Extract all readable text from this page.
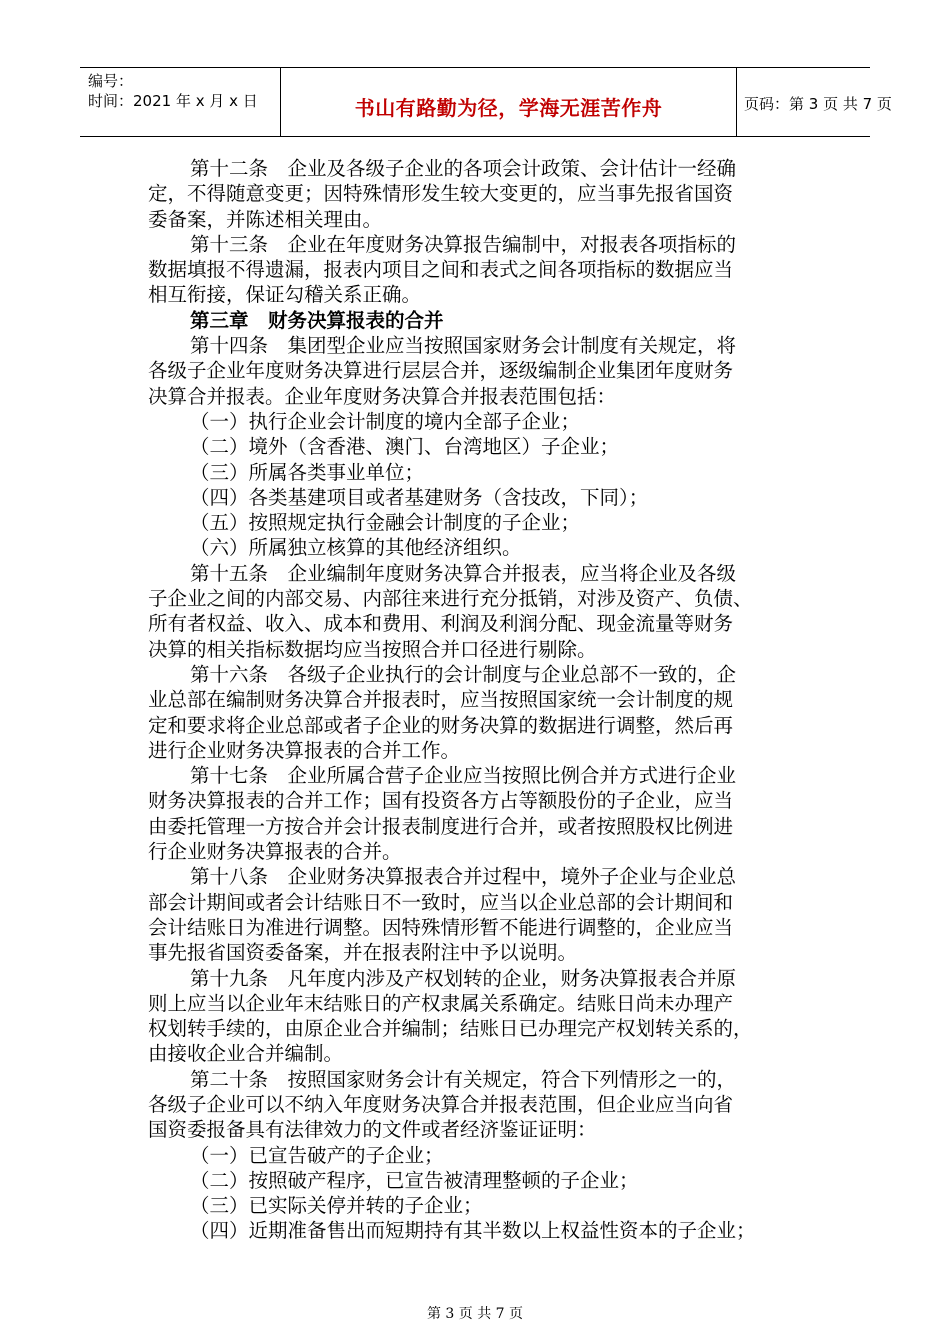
编号：
时间：2021 年 x 月 x 日	书山有路勤为径，学海无涯苦作舟	页码：第 3 页 共 7 页
第十二条　企业及各级子企业的各项会计政策、会计估计一经确
定，不得随意变更；因特殊情形发生较大变更的，应当事先报省国资
委备案，并陈述相关理由。
第十三条　企业在年度财务决算报告编制中，对报表各项指标的
数据填报不得遗漏，报表内项目之间和表式之间各项指标的数据应当
相互衔接，保证勾稽关系正确。
第三章　财务决算报表的合并
第十四条　集团型企业应当按照国家财务会计制度有关规定，将
各级子企业年度财务决算进行层层合并，逐级编制企业集团年度财务
决算合并报表。企业年度财务决算合并报表范围包括：
（一）执行企业会计制度的境内全部子企业；
（二）境外（含香港、澳门、台湾地区）子企业；
（三）所属各类事业单位；
（四）各类基建项目或者基建财务（含技改，下同）；
（五）按照规定执行金融会计制度的子企业；
（六）所属独立核算的其他经济组织。
第十五条　企业编制年度财务决算合并报表，应当将企业及各级
子企业之间的内部交易、内部往来进行充分抵销，对涉及资产、负债、
所有者权益、收入、成本和费用、利润及利润分配、现金流量等财务
决算的相关指标数据均应当按照合并口径进行剔除。
第十六条　各级子企业执行的会计制度与企业总部不一致的，企
业总部在编制财务决算合并报表时，应当按照国家统一会计制度的规
定和要求将企业总部或者子企业的财务决算的数据进行调整，然后再
进行企业财务决算报表的合并工作。
第十七条　企业所属合营子企业应当按照比例合并方式进行企业
财务决算报表的合并工作；国有投资各方占等额股份的子企业，应当
由委托管理一方按合并会计报表制度进行合并，或者按照股权比例进
行企业财务决算报表的合并。
第十八条　企业财务决算报表合并过程中，境外子企业与企业总
部会计期间或者会计结账日不一致时，应当以企业总部的会计期间和
会计结账日为准进行调整。因特殊情形暂不能进行调整的，企业应当
事先报省国资委备案，并在报表附注中予以说明。
第十九条　凡年度内涉及产权划转的企业，财务决算报表合并原
则上应当以企业年末结账日的产权隶属关系确定。结账日尚未办理产
权划转手续的，由原企业合并编制；结账日已办理完产权划转关系的，
由接收企业合并编制。
第二十条　按照国家财务会计有关规定，符合下列情形之一的，
各级子企业可以不纳入年度财务决算合并报表范围，但企业应当向省
国资委报备具有法律效力的文件或者经济鉴证证明：
（一）已宣告破产的子企业；
（二）按照破产程序，已宣告被清理整顿的子企业；
（三）已实际关停并转的子企业；
（四）近期准备售出而短期持有其半数以上权益性资本的子企业；
第 3 页 共 7 页
